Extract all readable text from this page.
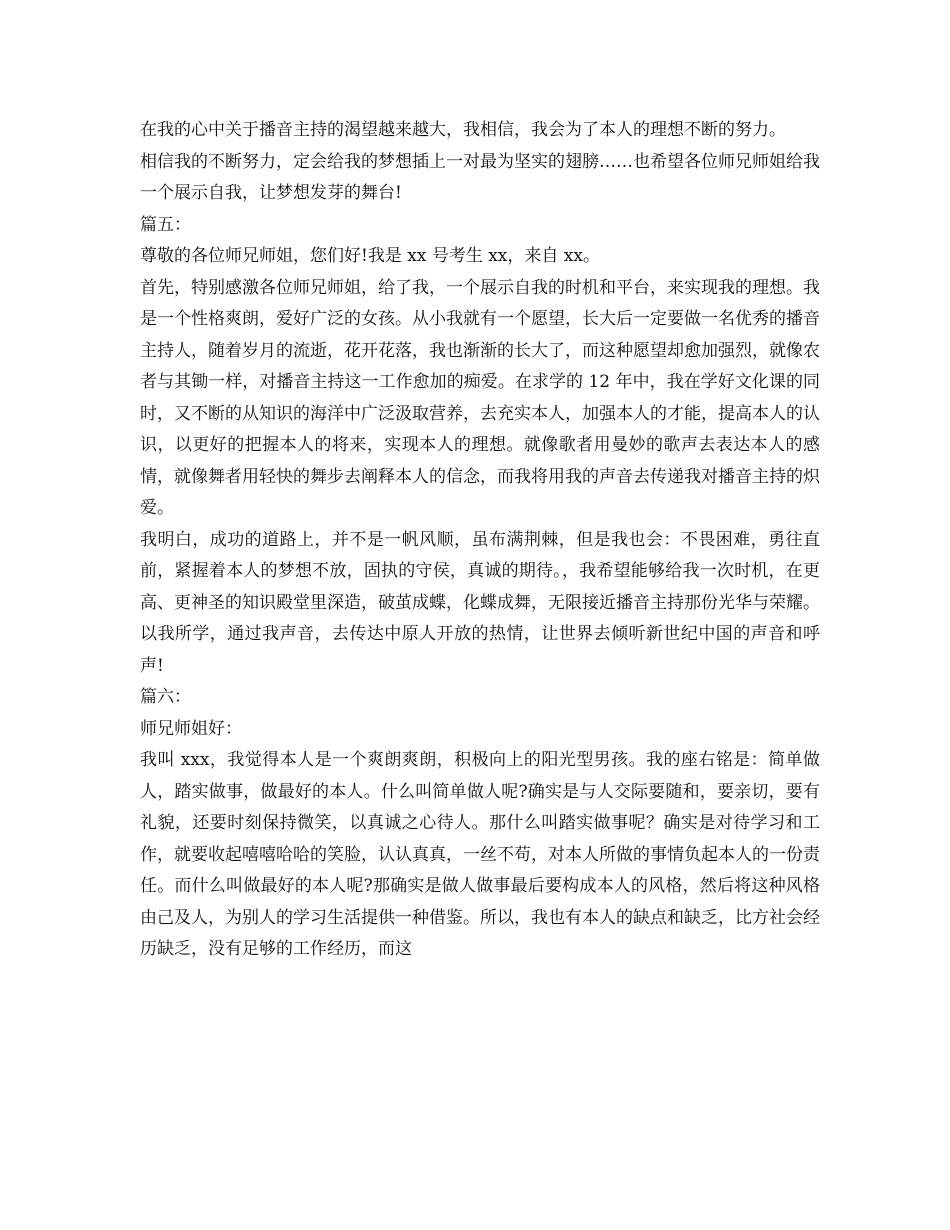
在我的心中关于播音主持的渴望越来越大，我相信，我会为了本人的理想不断的努力。

相信我的不断努力，定会给我的梦想插上一对最为坚实的翅膀……也希望各位师兄师姐给我一个展示自我，让梦想发芽的舞台!

篇五：

尊敬的各位师兄师姐，您们好!我是 xx 号考生 xx，来自 xx。

首先，特别感激各位师兄师姐，给了我，一个展示自我的时机和平台，来实现我的理想。我是一个性格爽朗，爱好广泛的女孩。从小我就有一个愿望，长大后一定要做一名优秀的播音主持人，随着岁月的流逝，花开花落，我也渐渐的长大了，而这种愿望却愈加强烈，就像农者与其锄一样，对播音主持这一工作愈加的痴爱。在求学的 12 年中，我在学好文化课的同时，又不断的从知识的海洋中广泛汲取营养，去充实本人，加强本人的才能，提高本人的认识，以更好的把握本人的将来，实现本人的理想。就像歌者用曼妙的歌声去表达本人的感情，就像舞者用轻快的舞步去阐释本人的信念，而我将用我的声音去传递我对播音主持的炽爱。

我明白，成功的道路上，并不是一帆风顺，虽布满荆棘，但是我也会：不畏困难，勇往直前，紧握着本人的梦想不放，固执的守侯，真诚的期待。，我希望能够给我一次时机，在更高、更神圣的知识殿堂里深造，破茧成蝶，化蝶成舞，无限接近播音主持那份光华与荣耀。以我所学，通过我声音，去传达中原人开放的热情，让世界去倾听新世纪中国的声音和呼声!

篇六：

师兄师姐好：

我叫 xxx，我觉得本人是一个爽朗爽朗，积极向上的阳光型男孩。我的座右铭是：简单做人，踏实做事，做最好的本人。什么叫简单做人呢?确实是与人交际要随和，要亲切，要有礼貌，还要时刻保持微笑，以真诚之心待人。那什么叫踏实做事呢？确实是对待学习和工作，就要收起嘻嘻哈哈的笑脸，认认真真，一丝不苟，对本人所做的事情负起本人的一份责任。而什么叫做最好的本人呢?那确实是做人做事最后要构成本人的风格，然后将这种风格由己及人，为别人的学习生活提供一种借鉴。所以，我也有本人的缺点和缺乏，比方社会经历缺乏，没有足够的工作经历，而这
